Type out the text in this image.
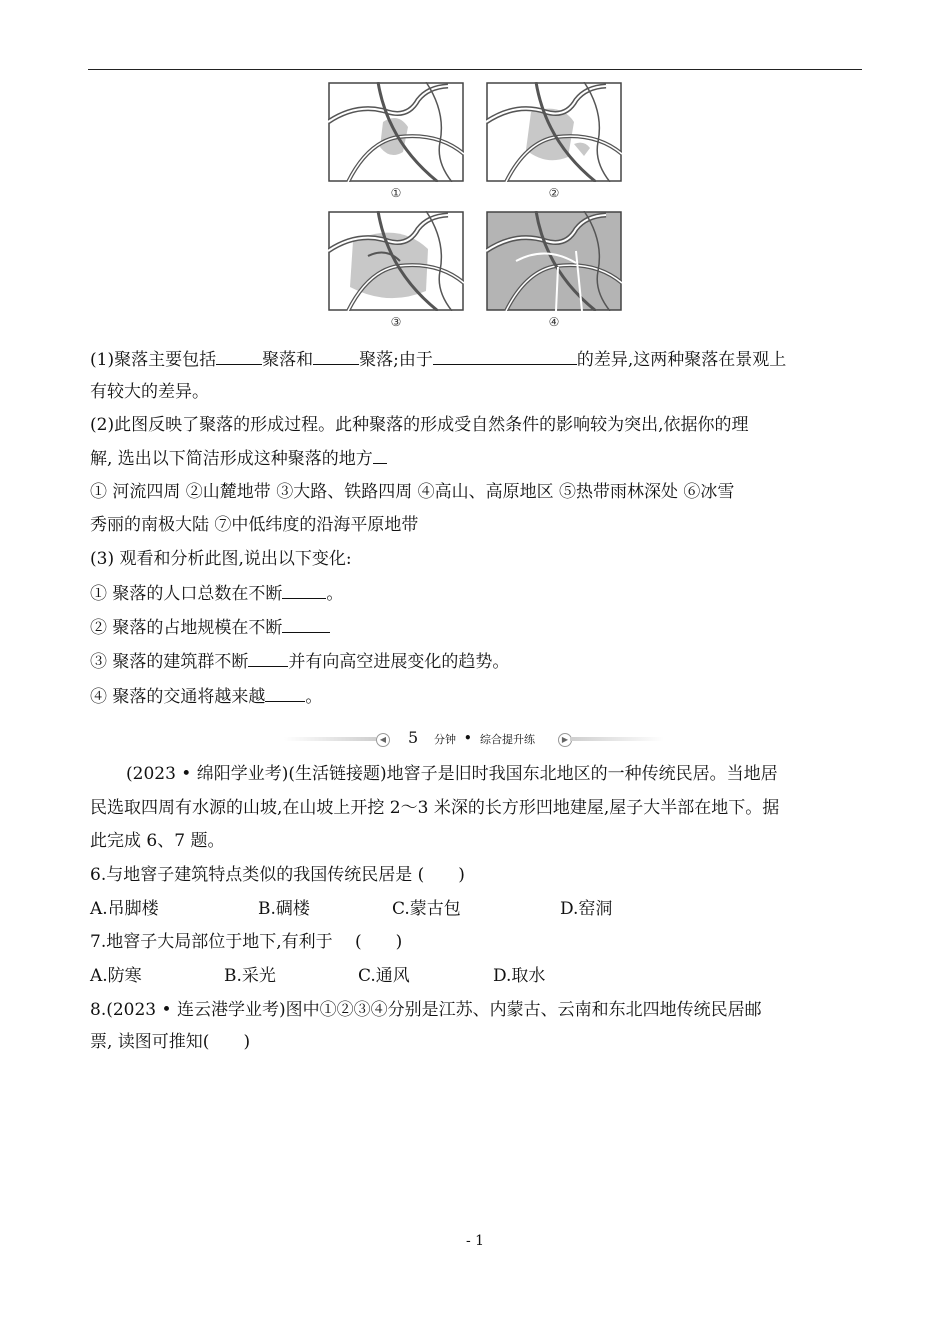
①	②
③	④
(1)聚落主要包括	聚落和	聚落;由于	的差异,这两种聚落在景观上
有较大的差异。
(2)此图反映了聚落的形成过程。此种聚落的形成受自然条件的影响较为突出,依据你的理
解, 选出以下简洁形成这种聚落的地方
① 河流四周 ②山麓地带 ③大路、铁路四周 ④高山、高原地区 ⑤热带雨林深处 ⑥冰雪
秀丽的南极大陆 ⑦中低纬度的沿海平原地带
(3) 观看和分析此图,说出以下变化:
① 聚落的人口总数在不断	。
② 聚落的占地规模在不断
③ 聚落的建筑群不断 并有向高空进展变化的趋势。
④ 聚落的交通将越来越 。
◀ 5 分钟 • 综合提升练	▶
(2023 • 绵阳学业考)(生活链接题)地窨子是旧时我国东北地区的一种传统民居。当地居
民选取四周有水源的山坡,在山坡上开挖 2～3 米深的长方形凹地建屋,屋子大半部在地下。据
此完成 6、7 题。
6.与地窨子建筑特点类似的我国传统民居是 (　　)
A.吊脚楼	B.碉楼	C.蒙古包	D.窑洞
7.地窨子大局部位于地下,有利于　 (　　)
A.防寒	B.采光	C.通风	D.取水
8.(2023 • 连云港学业考)图中①②③④分别是江苏、内蒙古、云南和东北四地传统民居邮
票, 读图可推知(　　)
- 1
